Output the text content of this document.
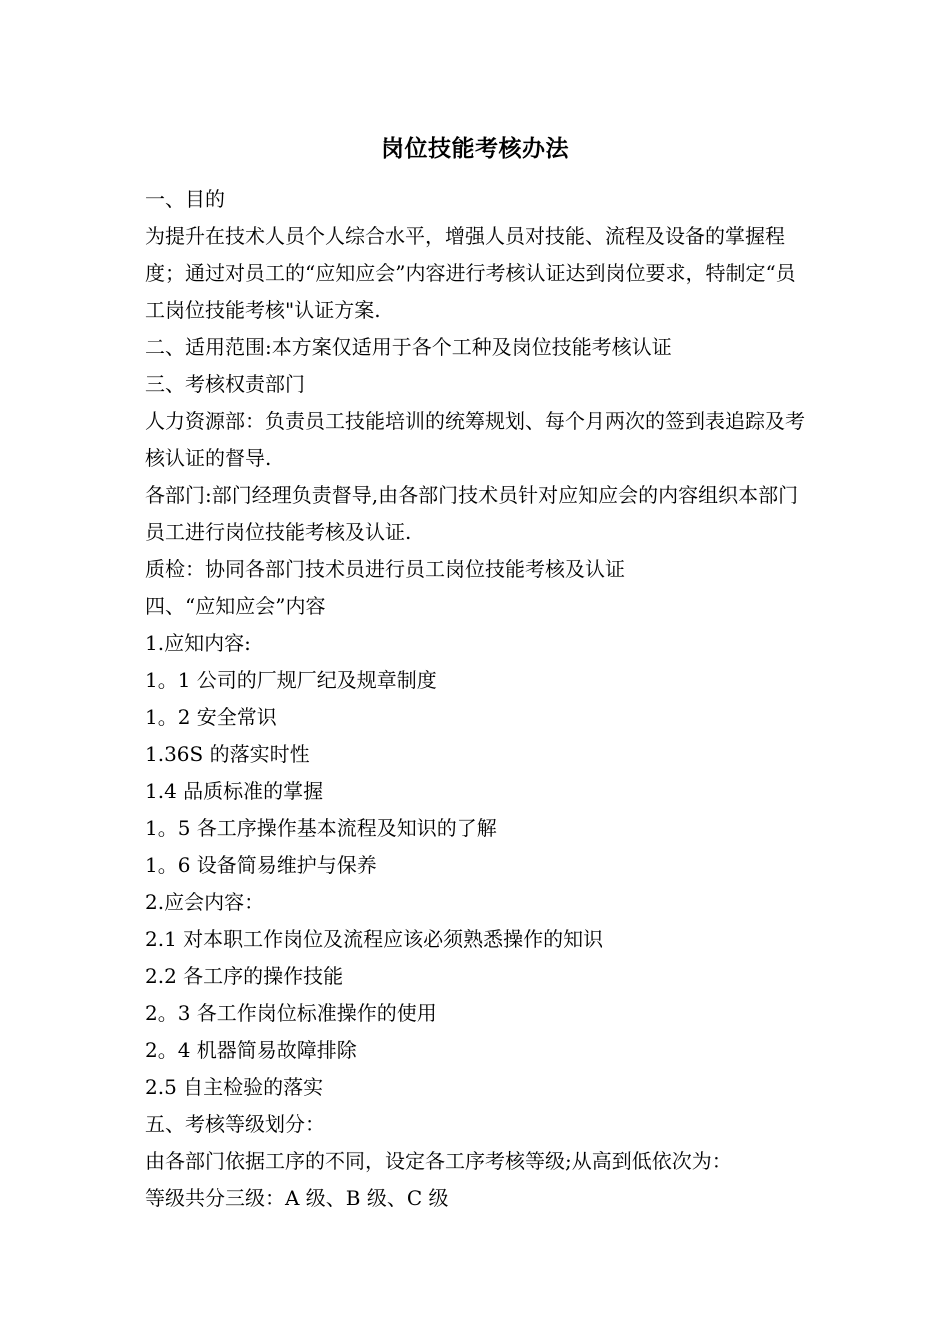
岗位技能考核办法

一、目的

为提升在技术人员个人综合水平，增强人员对技能、流程及设备的掌握程度；通过对员工的“应知应会”内容进行考核认证达到岗位要求，特制定“员工岗位技能考核"认证方案.

二、适用范围:本方案仅适用于各个工种及岗位技能考核认证

三、考核权责部门

人力资源部：负责员工技能培训的统筹规划、每个月两次的签到表追踪及考核认证的督导.

各部门:部门经理负责督导,由各部门技术员针对应知应会的内容组织本部门员工进行岗位技能考核及认证.

质检：协同各部门技术员进行员工岗位技能考核及认证

四、“应知应会”内容

1.应知内容:

1。1 公司的厂规厂纪及规章制度

1。2 安全常识

1.36S 的落实时性

1.4 品质标准的掌握

1。5 各工序操作基本流程及知识的了解

1。6 设备简易维护与保养

2.应会内容：

2.1 对本职工作岗位及流程应该必须熟悉操作的知识

2.2 各工序的操作技能

2。3 各工作岗位标准操作的使用

2。4 机器简易故障排除

2.5 自主检验的落实

五、考核等级划分：

由各部门依据工序的不同，设定各工序考核等级;从高到低依次为：

等级共分三级：A 级、B 级、C 级
